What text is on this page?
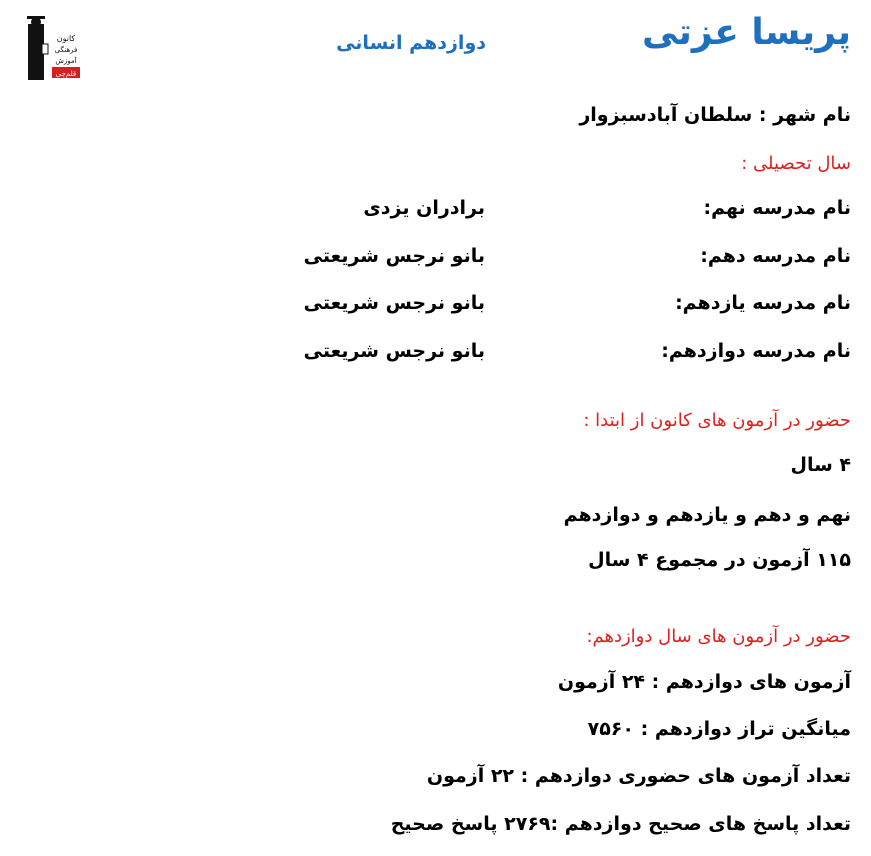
کانون
فرهنگی
آموزش
قلم‌چی
پریسا عزتی
دوازدهم انسانی
نام شهر : سلطان آبادسبزوار
سال تحصیلی :
نام مدرسه نهم:
برادران یزدی
نام مدرسه دهم:
بانو نرجس شریعتی
نام مدرسه یازدهم:
بانو نرجس شریعتی
نام مدرسه دوازدهم:
بانو نرجس شریعتی
حضور در آزمون های کانون از ابتدا :
۴ سال
نهم و دهم و یازدهم و دوازدهم
۱۱۵ آزمون در مجموع ۴ سال
حضور در آزمون های سال دوازدهم:
آزمون های دوازدهم : ۲۴ آزمون
میانگین تراز دوازدهم : ۷۵۶۰
تعداد آزمون های حضوری دوازدهم : ۲۲ آزمون
تعداد پاسخ های صحیح دوازدهم :۲۷۶۹ پاسخ صحیح
